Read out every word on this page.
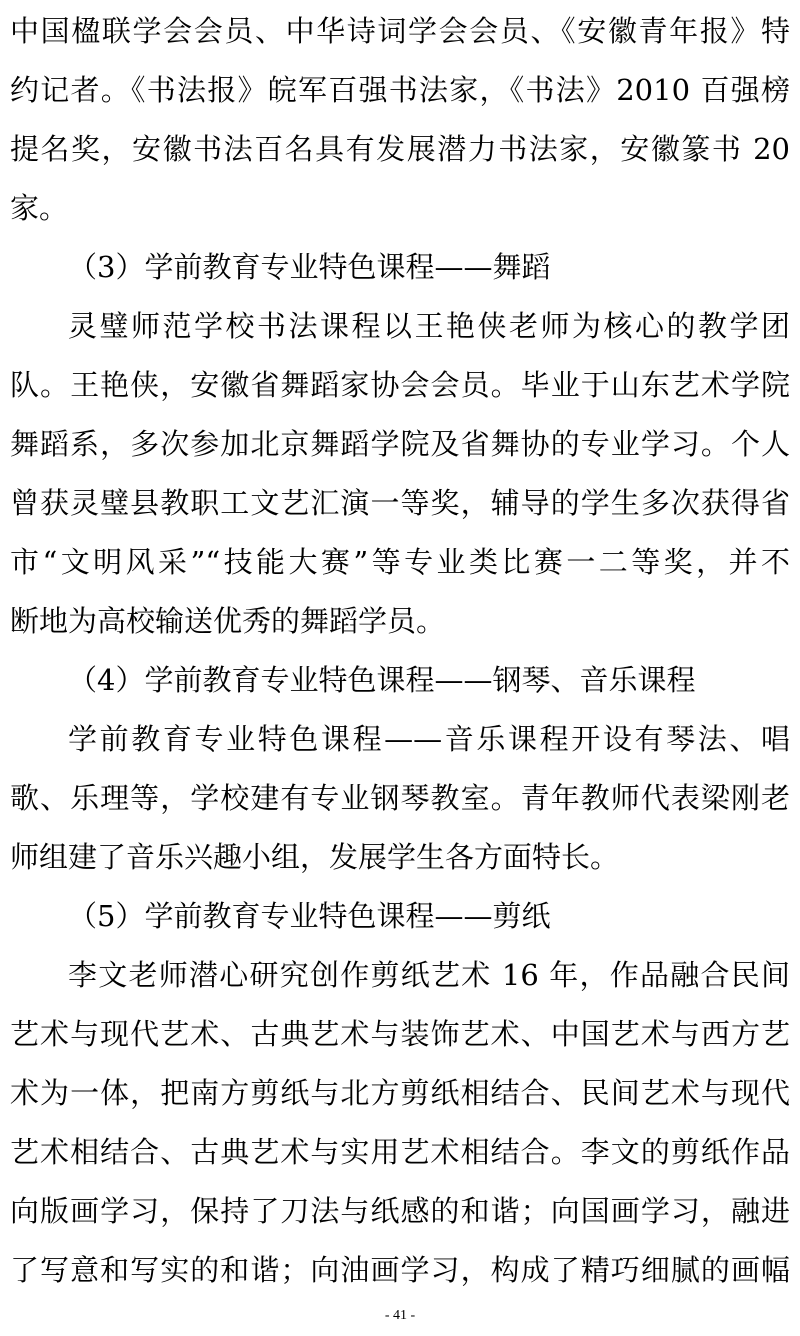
中国楹联学会会员、中华诗词学会会员、《安徽青年报》特
约记者。《书法报》皖军百强书法家，《书法》2010 百强榜
提名奖，安徽书法百名具有发展潜力书法家，安徽篆书 20
家。
（3）学前教育专业特色课程——舞蹈
灵璧师范学校书法课程以王艳侠老师为核心的教学团
队。王艳侠，安徽省舞蹈家协会会员。毕业于山东艺术学院
舞蹈系，多次参加北京舞蹈学院及省舞协的专业学习。个人
曾获灵璧县教职工文艺汇演一等奖，辅导的学生多次获得省
市“文明风采”“技能大赛”等专业类比赛一二等奖，并不
断地为高校输送优秀的舞蹈学员。
（4）学前教育专业特色课程——钢琴、音乐课程
学前教育专业特色课程——音乐课程开设有琴法、唱
歌、乐理等，学校建有专业钢琴教室。青年教师代表梁刚老
师组建了音乐兴趣小组，发展学生各方面特长。
（5）学前教育专业特色课程——剪纸
李文老师潜心研究创作剪纸艺术 16 年，作品融合民间
艺术与现代艺术、古典艺术与装饰艺术、中国艺术与西方艺
术为一体，把南方剪纸与北方剪纸相结合、民间艺术与现代
艺术相结合、古典艺术与实用艺术相结合。李文的剪纸作品
向版画学习，保持了刀法与纸感的和谐；向国画学习，融进
了写意和写实的和谐；向油画学习，构成了精巧细腻的画幅
- 41 -
